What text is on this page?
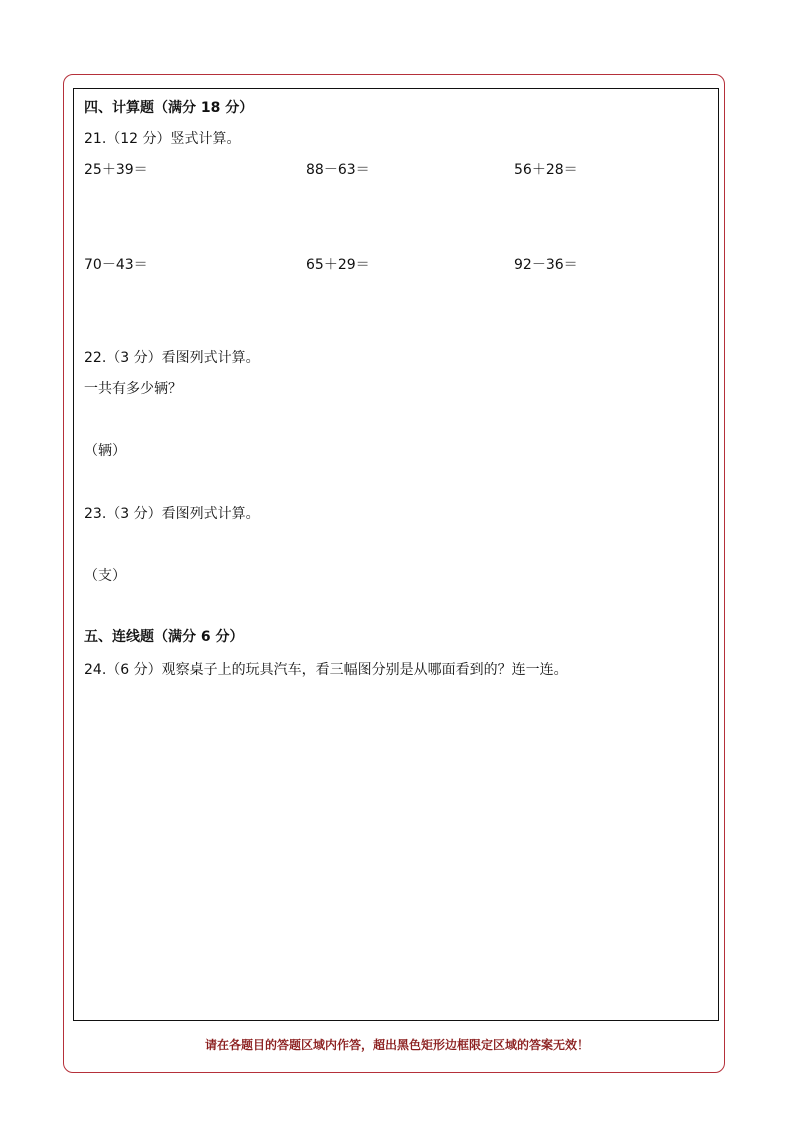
四、计算题（满分 18 分）
21.（12 分）竖式计算。
25＋39＝	88－63＝	56＋28＝
70－43＝	65＋29＝	92－36＝
22.（3 分）看图列式计算。
一共有多少辆？
（辆）
23.（3 分）看图列式计算。
（支）
五、连线题（满分 6 分）
24.（6 分）观察桌子上的玩具汽车，看三幅图分别是从哪面看到的？连一连。
请在各题目的答题区域内作答，超出黑色矩形边框限定区域的答案无效！
